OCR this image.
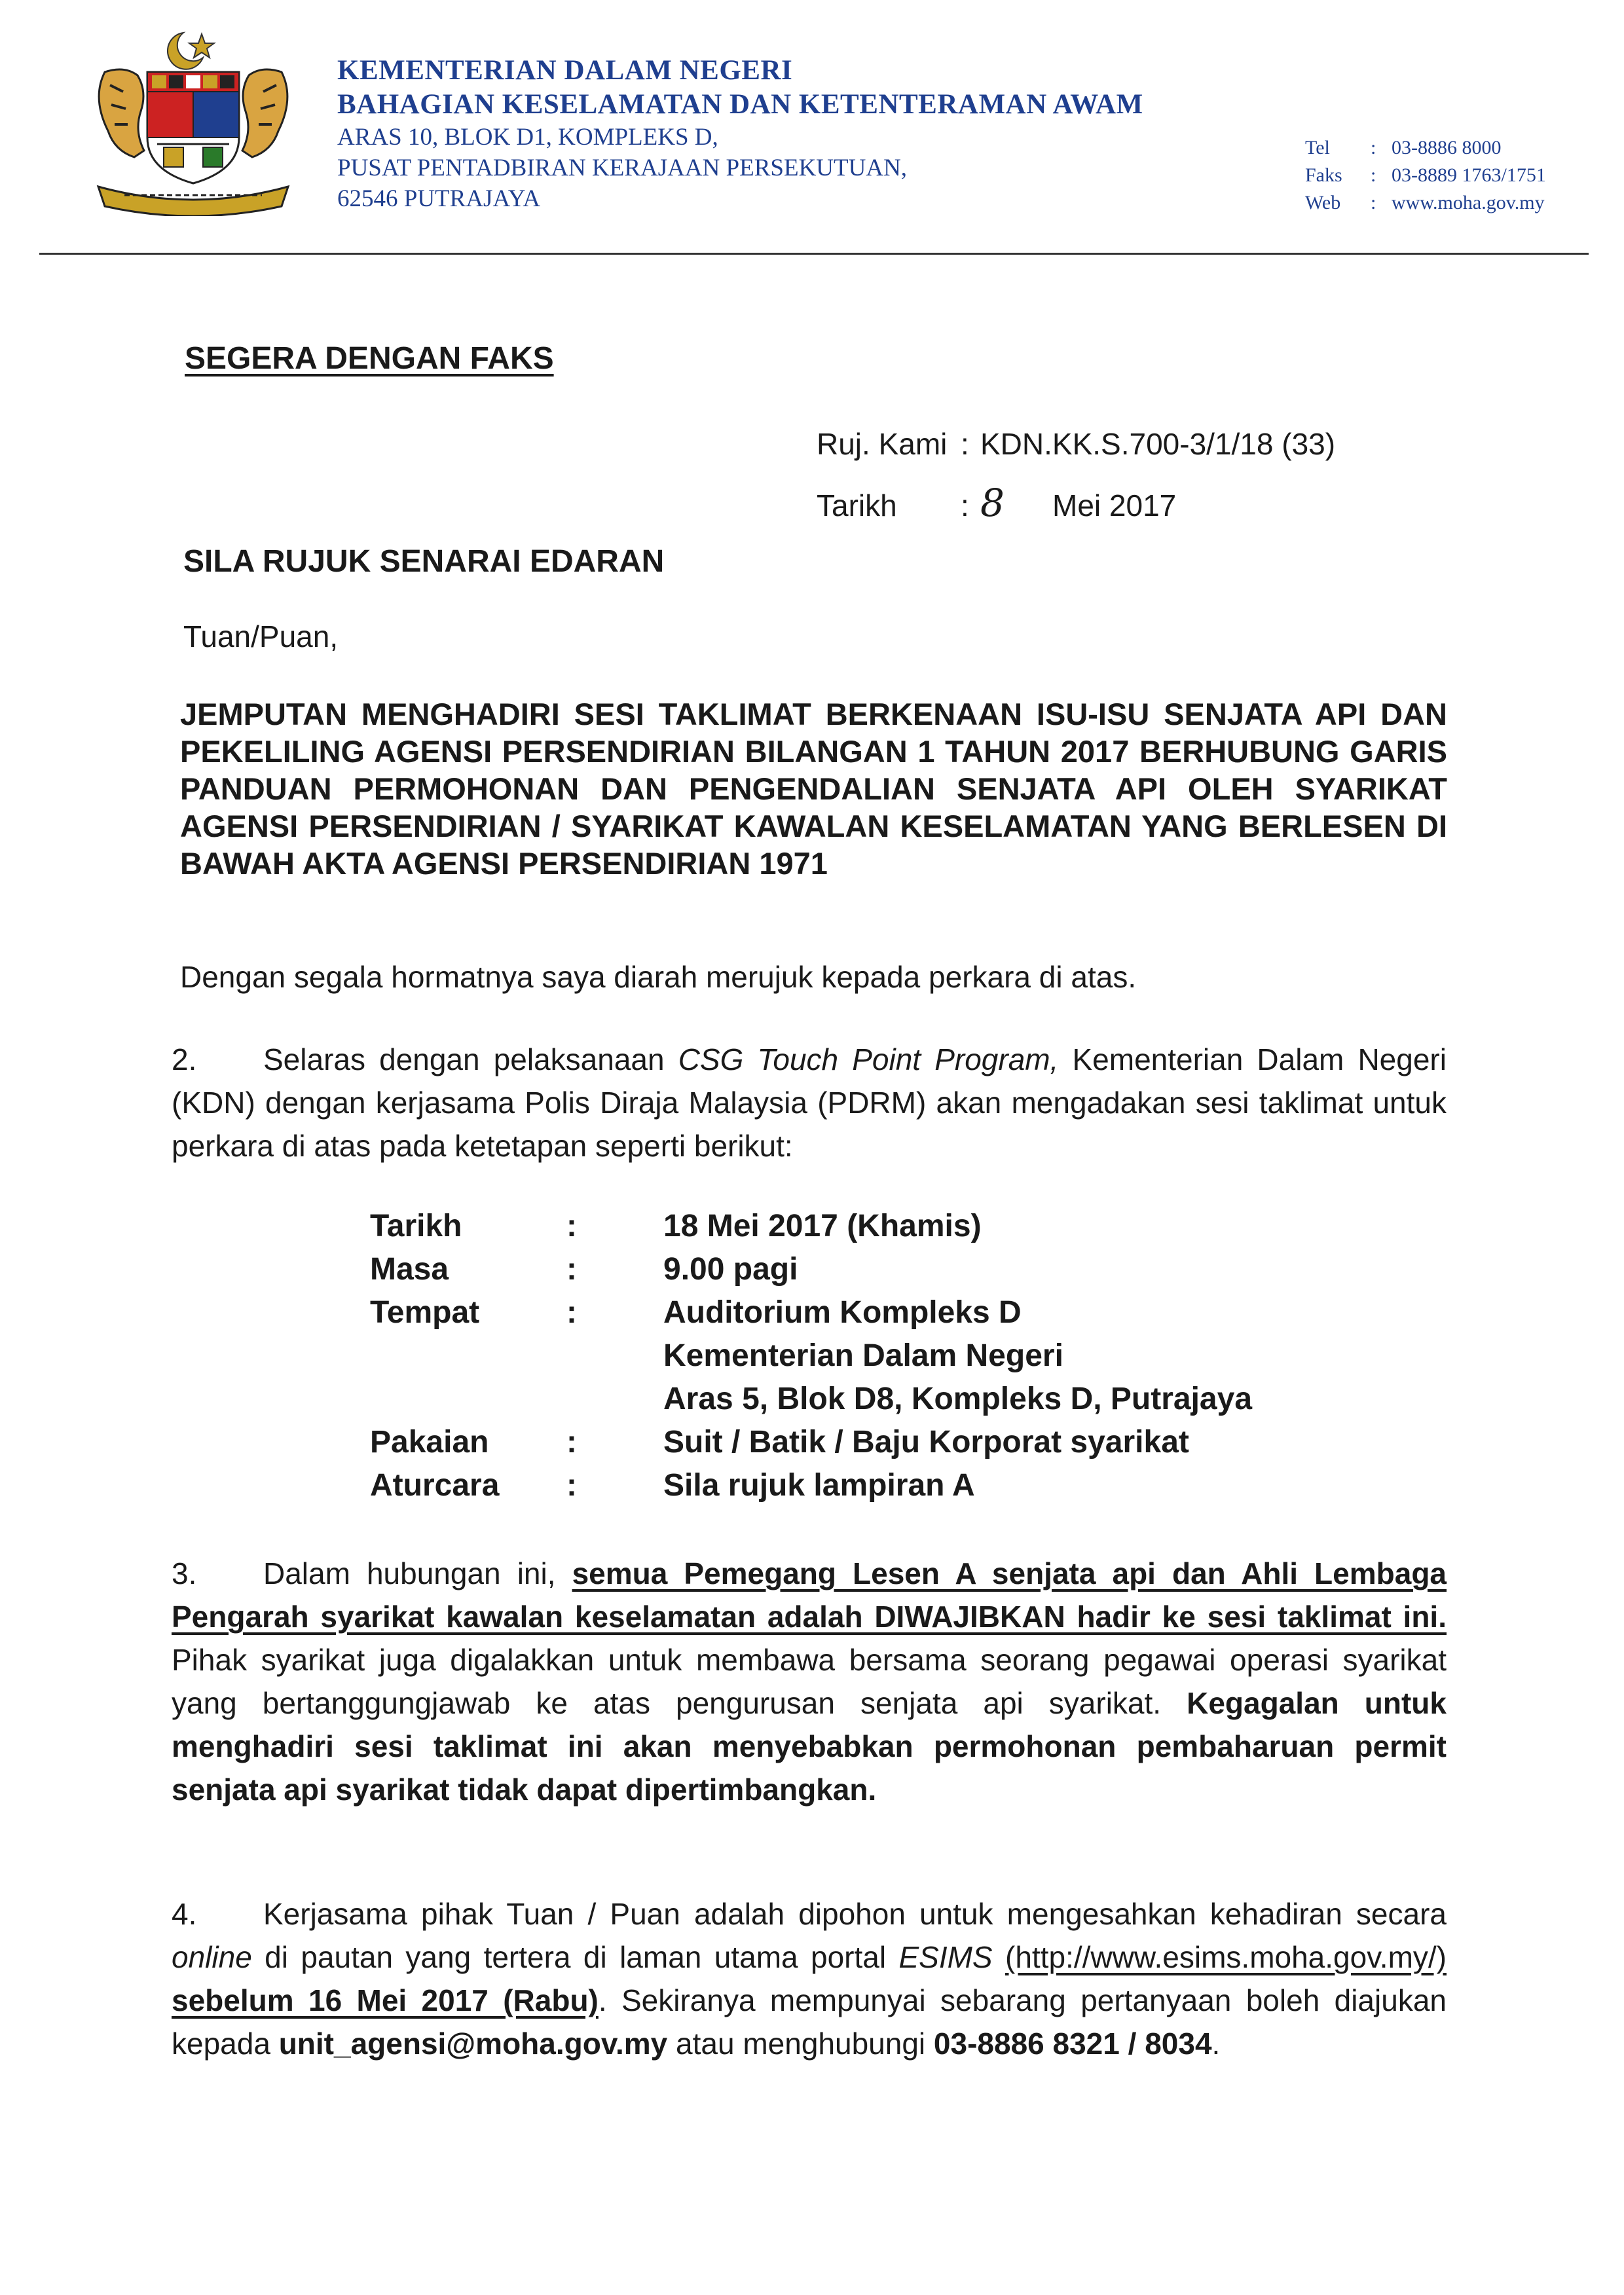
KEMENTERIAN DALAM NEGERI
BAHAGIAN KESELAMATAN DAN KETENTERAMAN AWAM
ARAS 10, BLOK D1, KOMPLEKS D,
PUSAT PENTADBIRAN KERAJAAN PERSEKUTUAN,
62546 PUTRAJAYA
Tel	: 03-8886 8000
Faks	: 03-8889 1763/1751
Web	: www.moha.gov.my
SEGERA DENGAN FAKS
Ruj. Kami : KDN.KK.S.700-3/1/18 (33)
Tarikh	: 8	Mei 2017
SILA RUJUK SENARAI EDARAN
Tuan/Puan,
JEMPUTAN MENGHADIRI SESI TAKLIMAT BERKENAAN ISU-ISU SENJATA API DAN PEKELILING AGENSI PERSENDIRIAN BILANGAN 1 TAHUN 2017 BERHUBUNG GARIS PANDUAN PERMOHONAN DAN PENGENDALIAN SENJATA API OLEH SYARIKAT AGENSI PERSENDIRIAN / SYARIKAT KAWALAN KESELAMATAN YANG BERLESEN DI BAWAH AKTA AGENSI PERSENDIRIAN 1971
Dengan segala hormatnya saya diarah merujuk kepada perkara di atas.
2. Selaras dengan pelaksanaan CSG Touch Point Program, Kementerian Dalam Negeri (KDN) dengan kerjasama Polis Diraja Malaysia (PDRM) akan mengadakan sesi taklimat untuk perkara di atas pada ketetapan seperti berikut:
Tarikh	:	18 Mei 2017 (Khamis)
Masa	:	9.00 pagi
Tempat	:	Auditorium Kompleks D
Kementerian Dalam Negeri
Aras 5, Blok D8, Kompleks D, Putrajaya
Pakaian	:	Suit / Batik / Baju Korporat syarikat
Aturcara	:	Sila rujuk lampiran A
3. Dalam hubungan ini, semua Pemegang Lesen A senjata api dan Ahli Lembaga Pengarah syarikat kawalan keselamatan adalah DIWAJIBKAN hadir ke sesi taklimat ini. Pihak syarikat juga digalakkan untuk membawa bersama seorang pegawai operasi syarikat yang bertanggungjawab ke atas pengurusan senjata api syarikat. Kegagalan untuk menghadiri sesi taklimat ini akan menyebabkan permohonan pembaharuan permit senjata api syarikat tidak dapat dipertimbangkan.
4. Kerjasama pihak Tuan / Puan adalah dipohon untuk mengesahkan kehadiran secara online di pautan yang tertera di laman utama portal ESIMS (http://www.esims.moha.gov.my/) sebelum 16 Mei 2017 (Rabu). Sekiranya mempunyai sebarang pertanyaan boleh diajukan kepada unit_agensi@moha.gov.my atau menghubungi 03-8886 8321 / 8034.
